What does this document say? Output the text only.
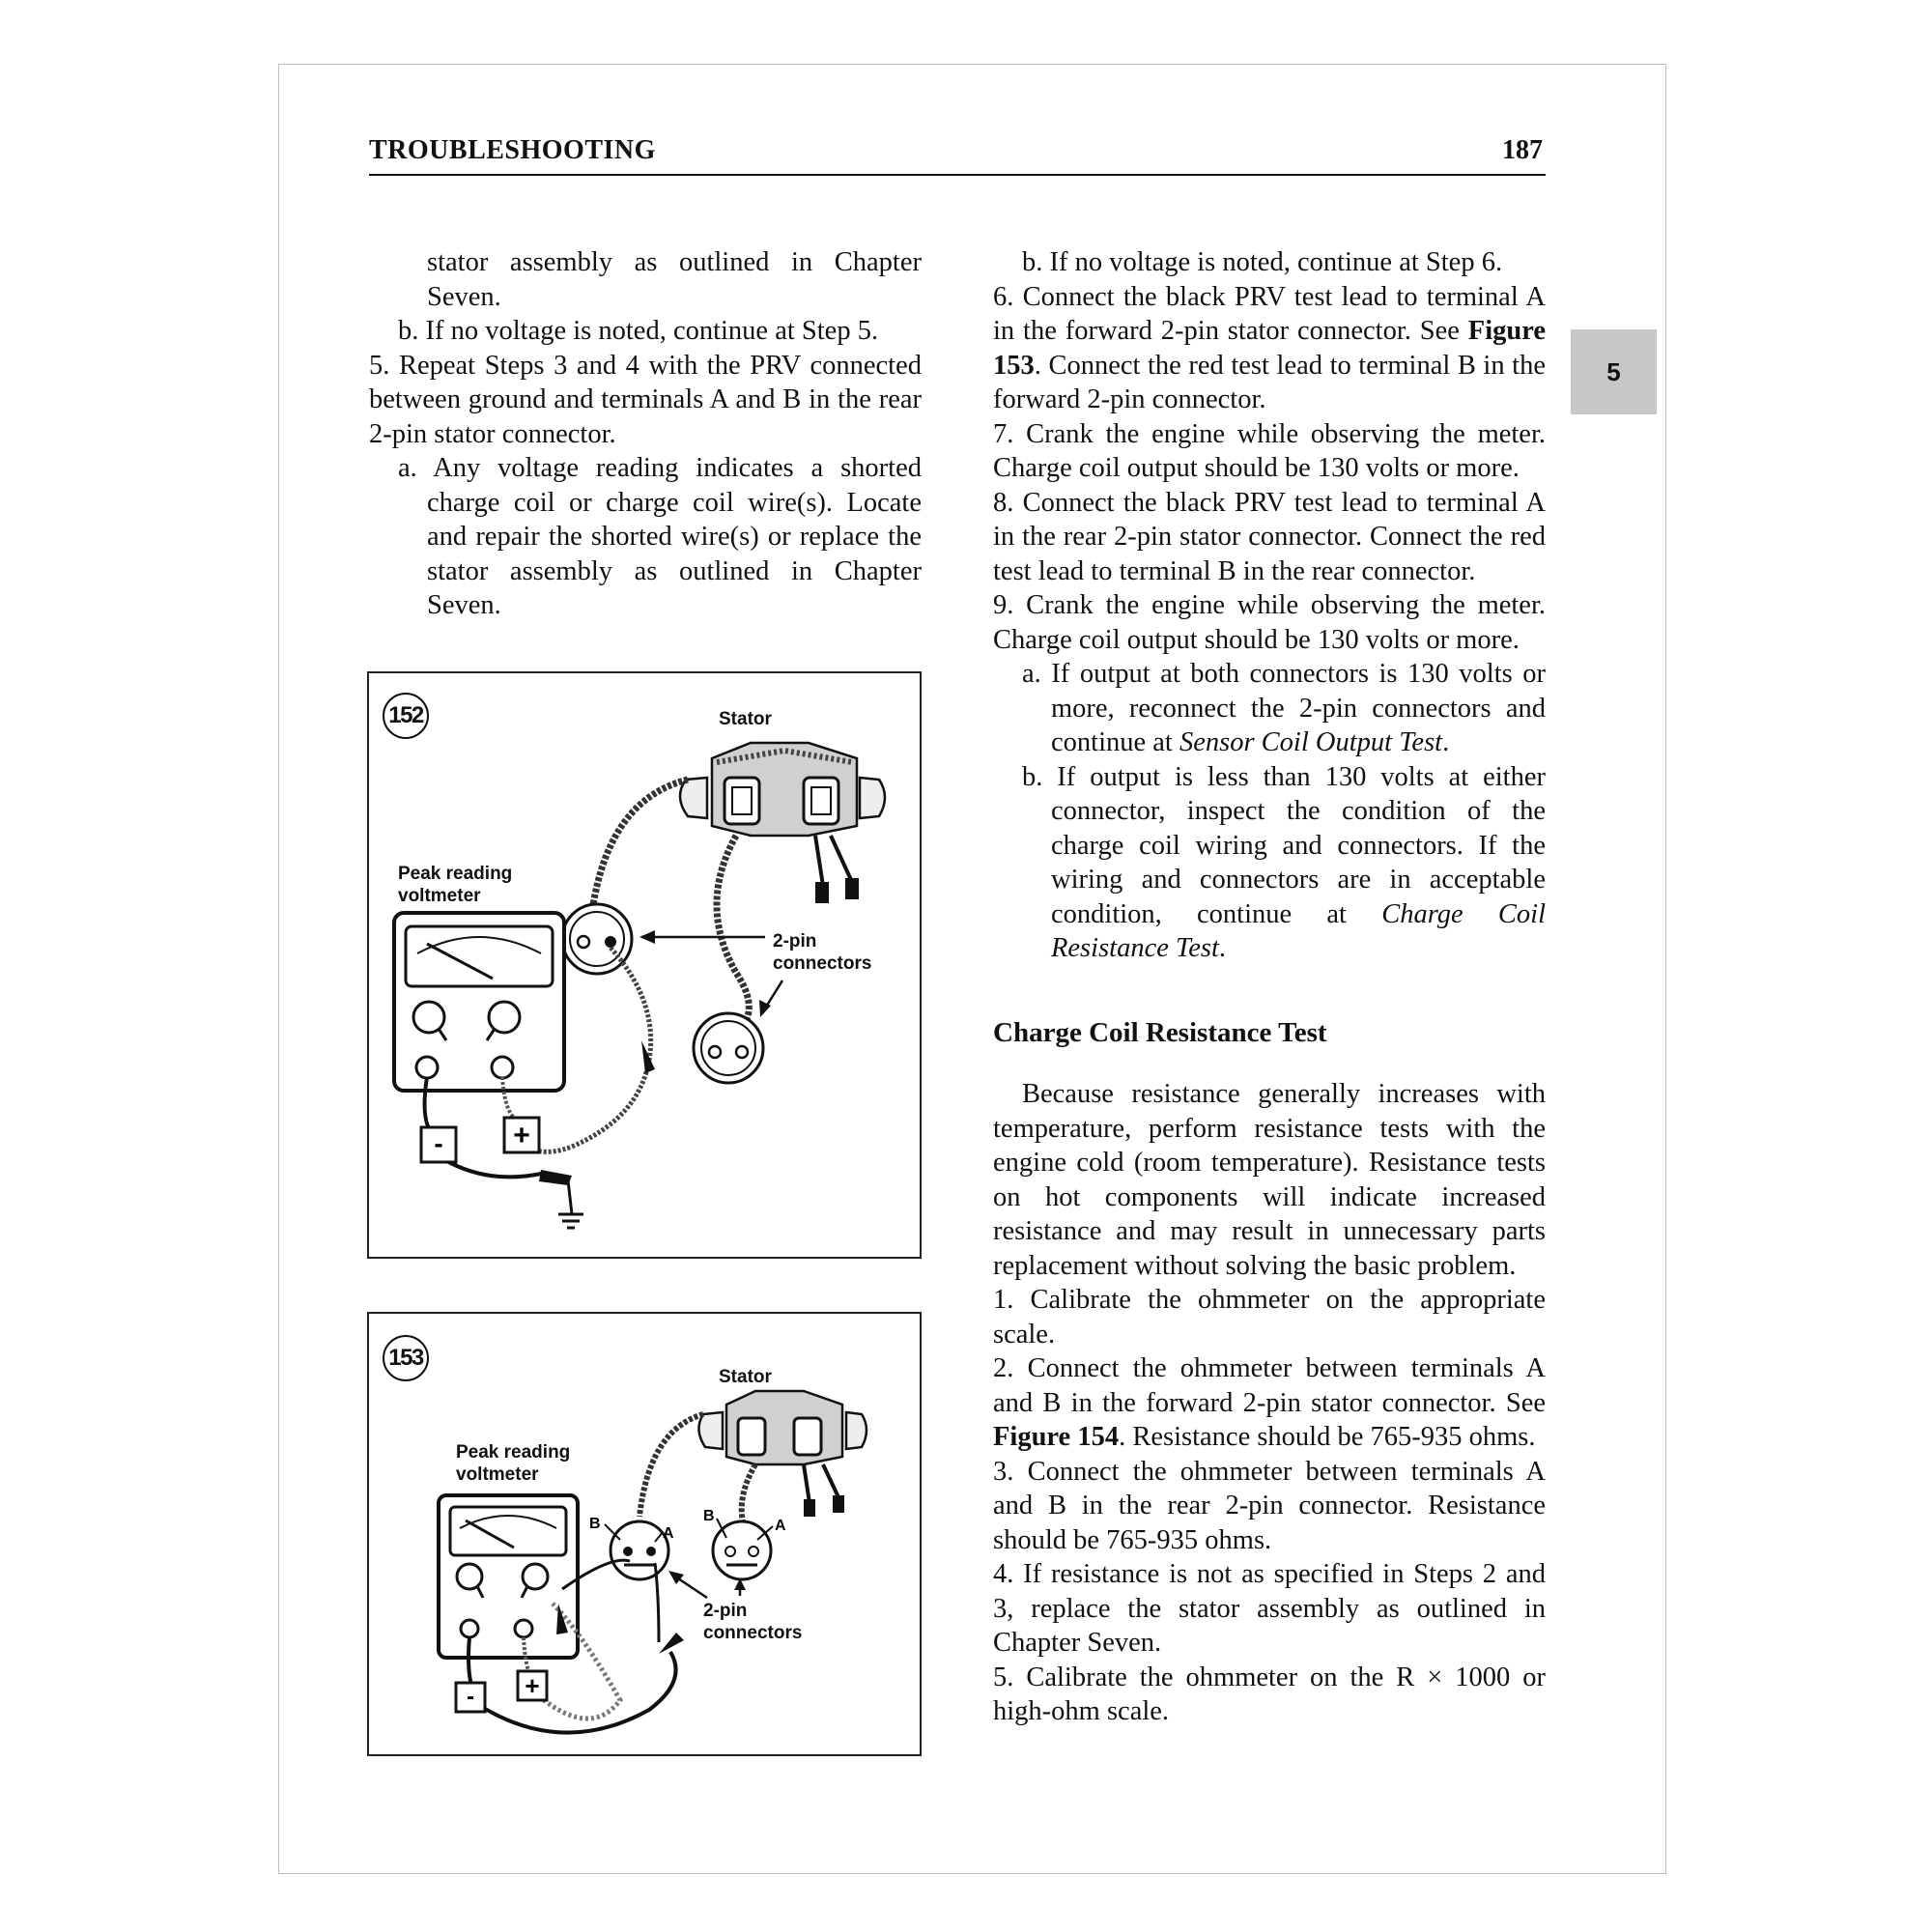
TROUBLESHOOTING	187
5

stator assembly as outlined in Chapter Seven.

b. If no voltage is noted, continue at Step 5.

5. Repeat Steps 3 and 4 with the PRV connected between ground and terminals A and B in the rear 2-pin stator connector.

a. Any voltage reading indicates a shorted charge coil or charge coil wire(s). Locate and repair the shorted wire(s) or replace the stator assembly as outlined in Chapter Seven.

152	Stator
Peak reading
voltmeter
2-pin
connectors
- +
153
Stator
Peak reading
voltmeter
2-pin
connectors
B
A
B
A
- +

b. If no voltage is noted, continue at Step 6.

6. Connect the black PRV test lead to terminal A in the forward 2-pin stator connector. See Figure 153. Connect the red test lead to terminal B in the forward 2-pin connector.

7. Crank the engine while observing the meter. Charge coil output should be 130 volts or more.

8. Connect the black PRV test lead to terminal A in the rear 2-pin stator connector. Connect the red test lead to terminal B in the rear connector.

9. Crank the engine while observing the meter. Charge coil output should be 130 volts or more.

a. If output at both connectors is 130 volts or more, reconnect the 2-pin connectors and continue at Sensor Coil Output Test.

b. If output is less than 130 volts at either connector, inspect the condition of the charge coil wiring and connectors. If the wiring and connectors are in acceptable condition, continue at Charge Coil Resistance Test.

Charge Coil Resistance Test

Because resistance generally increases with temperature, perform resistance tests with the engine cold (room temperature). Resistance tests on hot components will indicate increased resistance and may result in unnecessary parts replacement without solving the basic problem.

1. Calibrate the ohmmeter on the appropriate scale.

2. Connect the ohmmeter between terminals A and B in the forward 2-pin stator connector. See Figure 154. Resistance should be 765-935 ohms.

3. Connect the ohmmeter between terminals A and B in the rear 2-pin connector. Resistance should be 765-935 ohms.

4. If resistance is not as specified in Steps 2 and 3, replace the stator assembly as outlined in Chapter Seven.

5. Calibrate the ohmmeter on the R × 1000 or high-ohm scale.
